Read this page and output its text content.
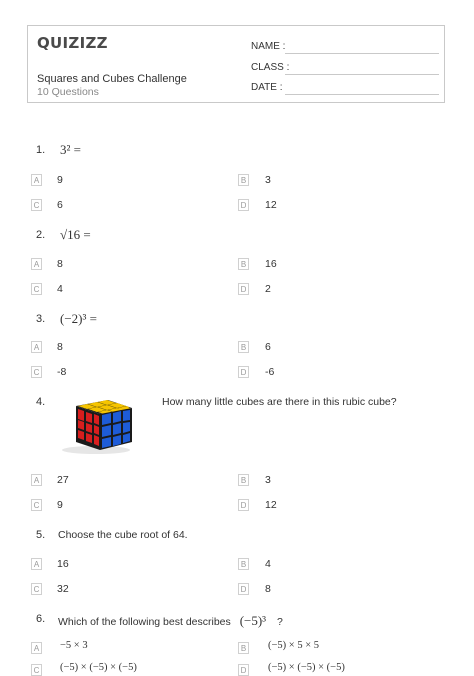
QUIZIZZ
Squares and Cubes Challenge
10 Questions
NAME :
CLASS :
DATE :
1. 3² =
A 9	B 3
C 6	D 12
2. √16 =
A 8	B 16
C 4	D 2
3. (−2)³ =
A 8	B 6
C -8	D -6
4.	How many little cubes are there in this rubic cube?
A 27	B 3
C 9	D 12
5. Choose the cube root of 64.
A 16	B 4
C 32	D 8
6. Which of the following best describes (−5)³ ?
A −5 × 3	B (−5) × 5 × 5
C (−5) × (−5) × (−5)	D (−5) × (−5) × (−5)
